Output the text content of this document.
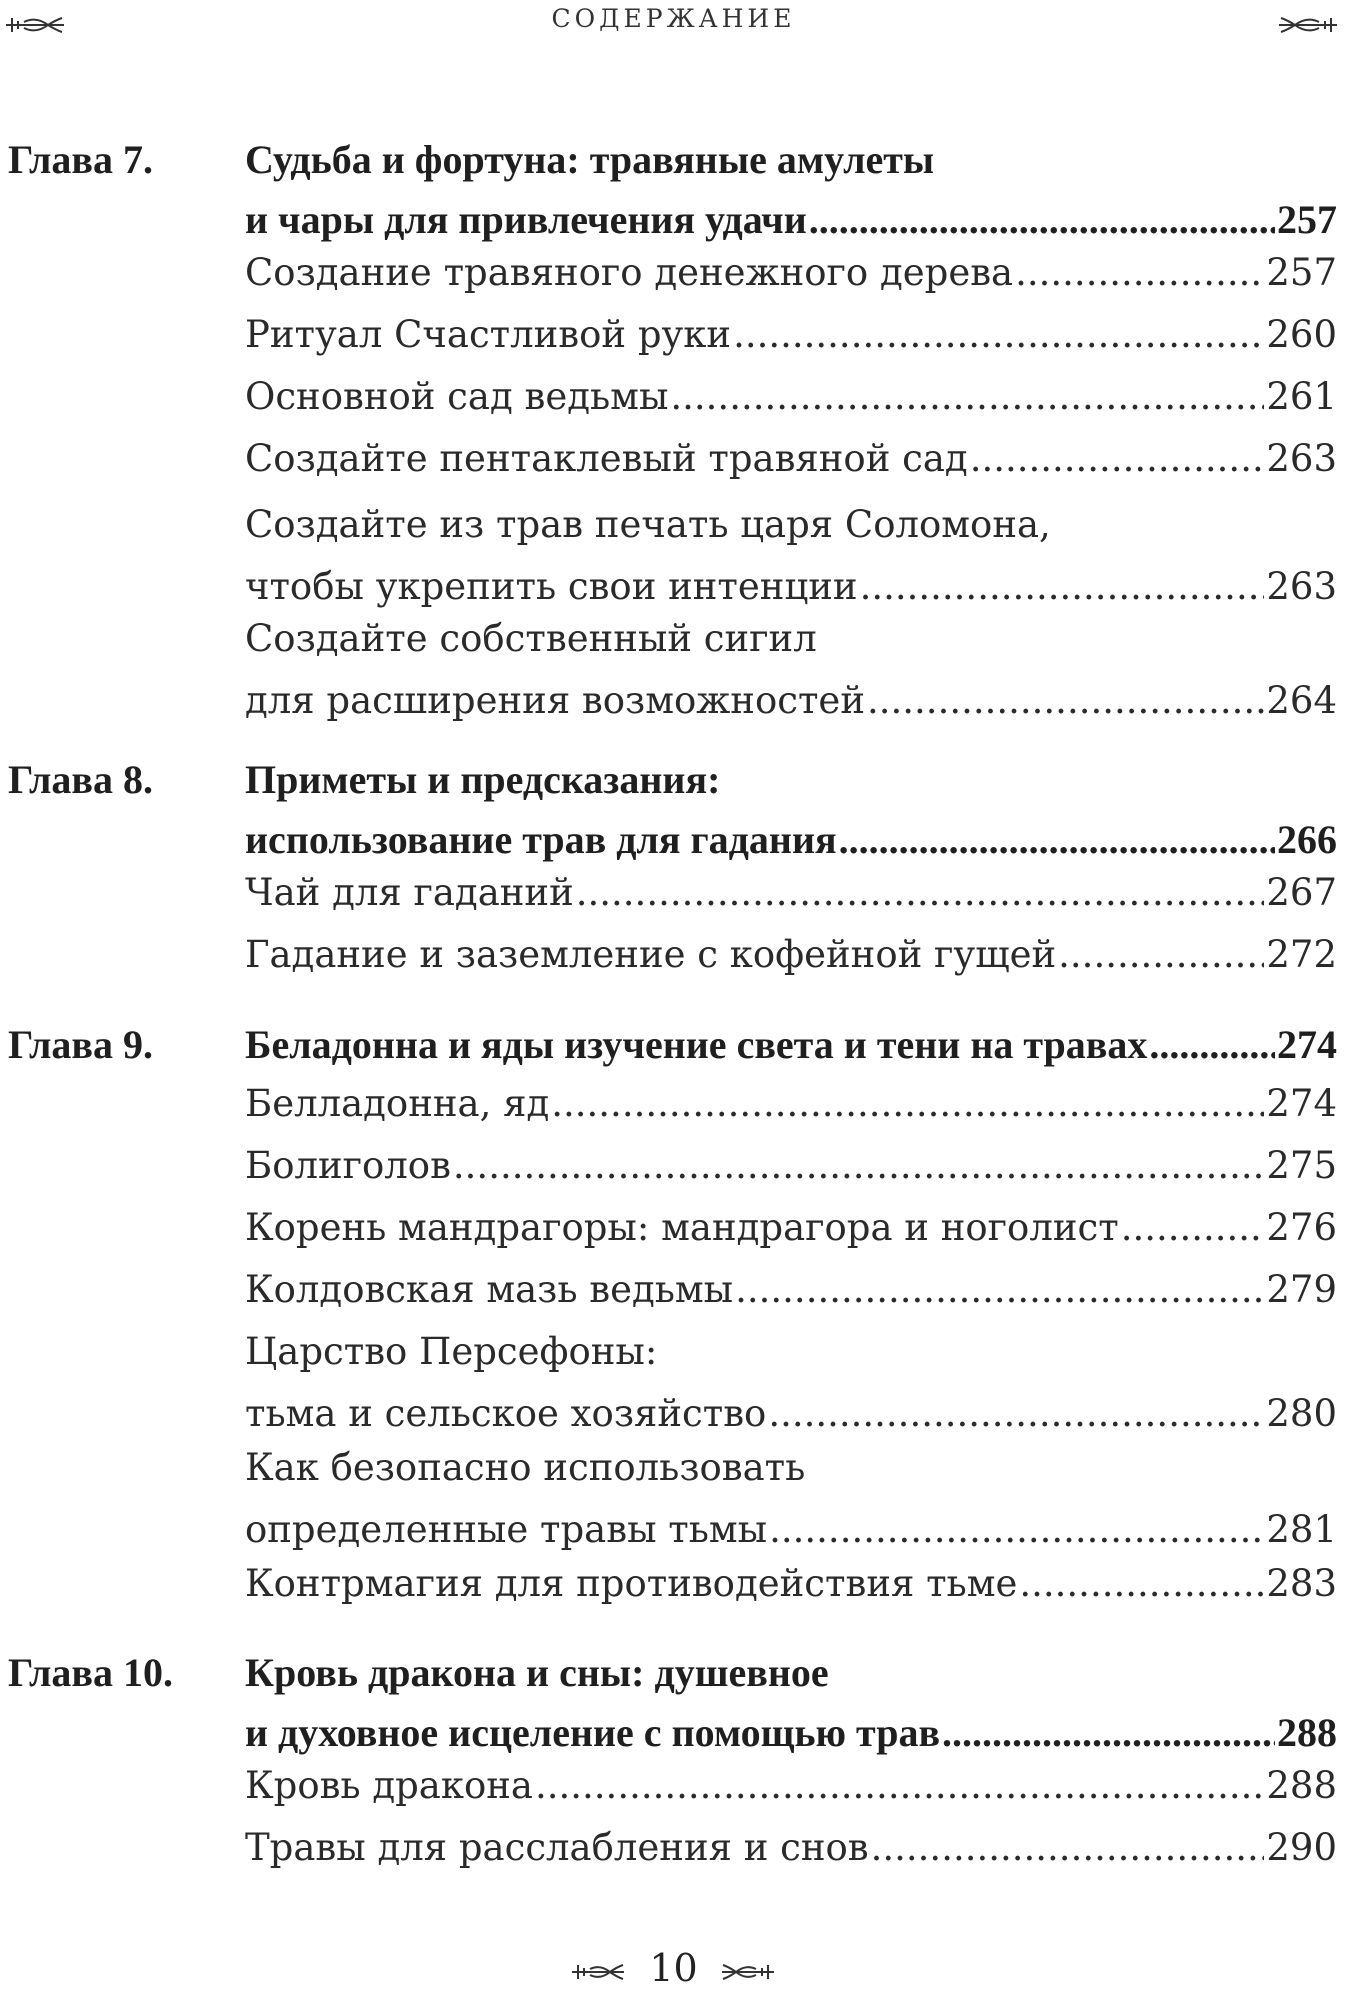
СОДЕРЖАНИЕ
Глава 7. Судьба и фортуна: травяные амулеты
и чары для привлечения удачи .....	257
Создание травяного денежного дерева .....	257
Ритуал Счастливой руки .....	260
Основной сад ведьмы .....	261
Создайте пентаклевый травяной сад .....	263
Создайте из трав печать царя Соломона,
чтобы укрепить свои интенции .....	263
Создайте собственный сигил
для расширения возможностей .....	264
Глава 8. Приметы и предсказания:
использование трав для гадания .....	266
Чай для гаданий .....	267
Гадание и заземление с кофейной гущей .....	272
Глава 9. Беладонна и яды изучение света и тени на травах .....	274
Белладонна, яд .....	274
Болиголов .....	275
Корень мандрагоры: мандрагора и ноголист .....	276
Колдовская мазь ведьмы .....	279
Царство Персефоны:
тьма и сельское хозяйство .....	280
Как безопасно использовать
определенные травы тьмы .....	281
Контрмагия для противодействия тьме .....	283
Глава 10. Кровь дракона и сны: душевное
и духовное исцеление с помощью трав .....	288
Кровь дракона .....	288
Травы для расслабления и снов .....	290
10
